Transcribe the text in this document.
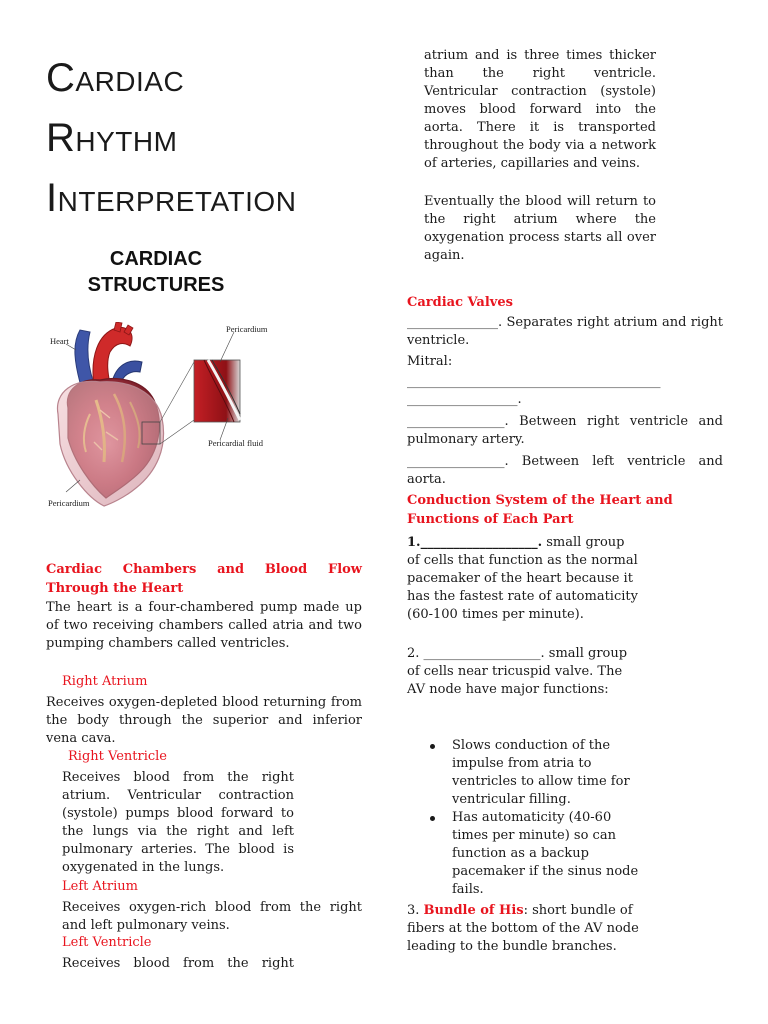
CARDIAC
RHYTHM
INTERPRETATION
CARDIAC
STRUCTURES
Heart
Pericardium
Pericardial fluid
Pericardium
Cardiac Chambers and Blood Flow
Through the Heart
The heart is a four-chambered pump made up of two receiving chambers called atria and two pumping chambers called ventricles.
Right Atrium
Receives oxygen-depleted blood returning from the body through the superior and inferior vena cava.
Right Ventricle
Receives blood from the right atrium. Ventricular contraction (systole) pumps blood forward to the lungs via the right and left pulmonary arteries. The blood is oxygenated in the lungs.
Left Atrium
Receives oxygen-rich blood from the right and left pulmonary veins.
Left Ventricle
Receives blood from the right
atrium and is three times thicker than the right ventricle. Ventricular contraction (systole) moves blood forward into the aorta. There it is transported throughout the body via a network of arteries, capillaries and veins.
Eventually the blood will return to the right atrium where the oxygenation process starts all over again.
Cardiac Valves
______________. Separates right atrium and right ventricle.
Mitral:
_______________________________________
_________________.
_______________. Between right ventricle and pulmonary artery.
_______________. Between left ventricle and aorta.
Conduction System of the Heart and
Functions of Each Part
1.__________________. small group of cells that function as the normal pacemaker of the heart because it has the fastest rate of automaticity (60-100 times per minute).
2. __________________. small group of cells near tricuspid valve. The AV node have major functions:
Slows conduction of the impulse from atria to ventricles to allow time for ventricular filling.
Has automaticity (40-60 times per minute) so can function as a backup pacemaker if the sinus node fails.
3. Bundle of His: short bundle of fibers at the bottom of the AV node leading to the bundle branches.
